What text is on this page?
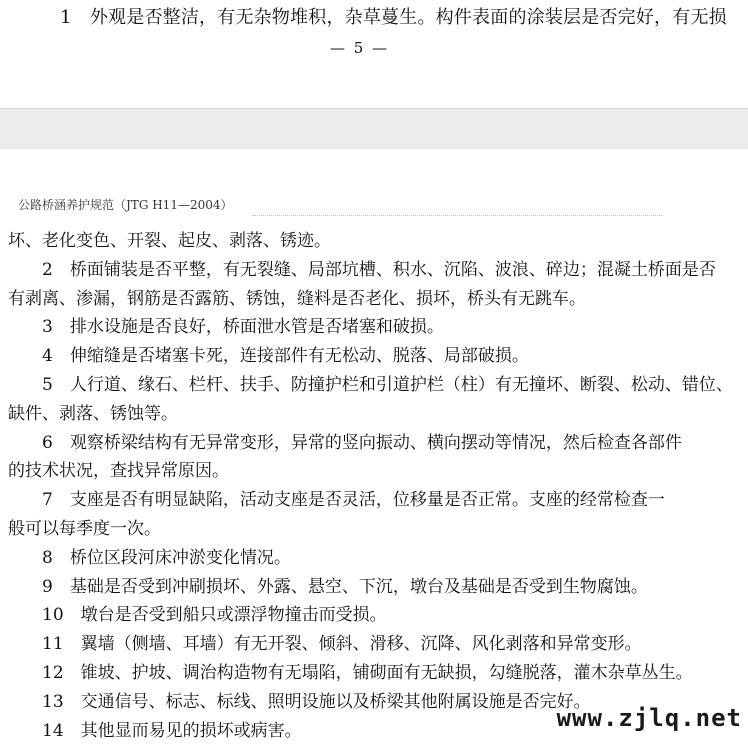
1　外观是否整洁，有无杂物堆积，杂草蔓生。构件表面的涂装层是否完好，有无损
— 5 —
公路桥涵养护规范（JTG H11—2004）
坏、老化变色、开裂、起皮、剥落、锈迹。
2　桥面铺装是否平整，有无裂缝、局部坑槽、积水、沉陷、波浪、碎边；混凝土桥面是否
有剥离、渗漏，钢筋是否露筋、锈蚀，缝料是否老化、损坏，桥头有无跳车。
3　排水设施是否良好，桥面泄水管是否堵塞和破损。
4　伸缩缝是否堵塞卡死，连接部件有无松动、脱落、局部破损。
5　人行道、缘石、栏杆、扶手、防撞护栏和引道护栏（柱）有无撞坏、断裂、松动、错位、
缺件、剥落、锈蚀等。
6　观察桥梁结构有无异常变形，异常的竖向振动、横向摆动等情况，然后检查各部件
的技术状况，查找异常原因。
7　支座是否有明显缺陷，活动支座是否灵活，位移量是否正常。支座的经常检查一
般可以每季度一次。
8　桥位区段河床冲淤变化情况。
9　基础是否受到冲刷损坏、外露、悬空、下沉，墩台及基础是否受到生物腐蚀。
10　墩台是否受到船只或漂浮物撞击而受损。
11　翼墙（侧墙、耳墙）有无开裂、倾斜、滑移、沉降、风化剥落和异常变形。
12　锥坡、护坡、调治构造物有无塌陷，铺砌面有无缺损，勾缝脱落，灌木杂草丛生。
13　交通信号、标志、标线、照明设施以及桥梁其他附属设施是否完好。
14　其他显而易见的损坏或病害。	www.zjlq.net
